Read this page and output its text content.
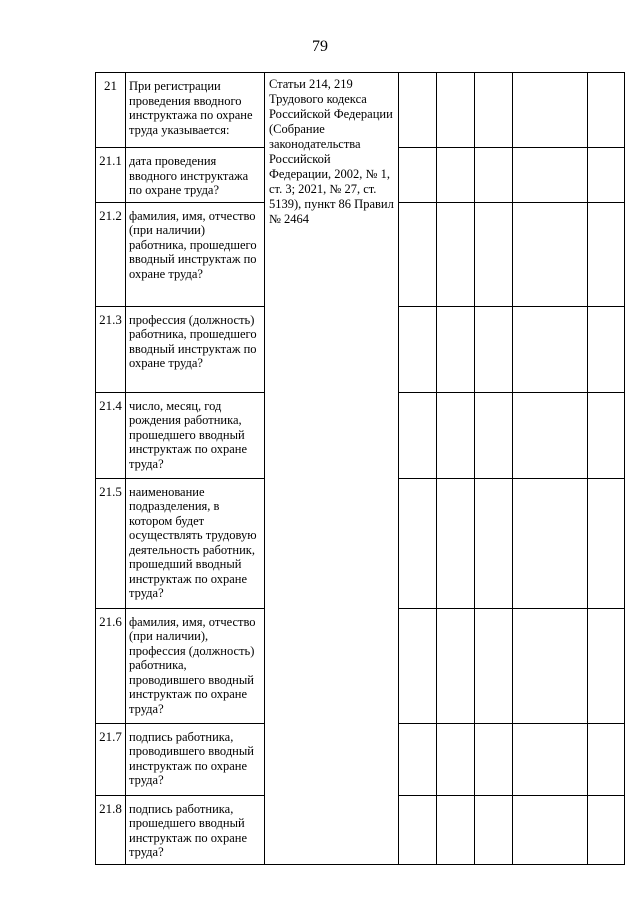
79
21	При регистрации проведения вводного инструктажа по охране труда указывается:	Статьи 214, 219 Трудового кодекса Российской Федерации (Собрание законодательства Российской Федерации, 2002, № 1, ст. 3; 2021, № 27, ст. 5139), пункт 86 Правил № 2464					
21.1	дата проведения вводного инструктажа по охране труда?						
21.2	фамилия, имя, отчество (при наличии) работника, прошедшего вводный инструктаж по охране труда?						
21.3	профессия (должность) работника, прошедшего вводный инструктаж по охране труда?						
21.4	число, месяц, год рождения работника, прошедшего вводный инструктаж по охране труда?						
21.5	наименование подразделения, в котором будет осуществлять трудовую деятельность работник, прошедший вводный инструктаж по охране труда?						
21.6	фамилия, имя, отчество (при наличии), профессия (должность) работника, проводившего вводный инструктаж по охране труда?						
21.7	подпись работника, проводившего вводный инструктаж по охране труда?						
21.8	подпись работника, прошедшего вводный инструктаж по охране труда?						
